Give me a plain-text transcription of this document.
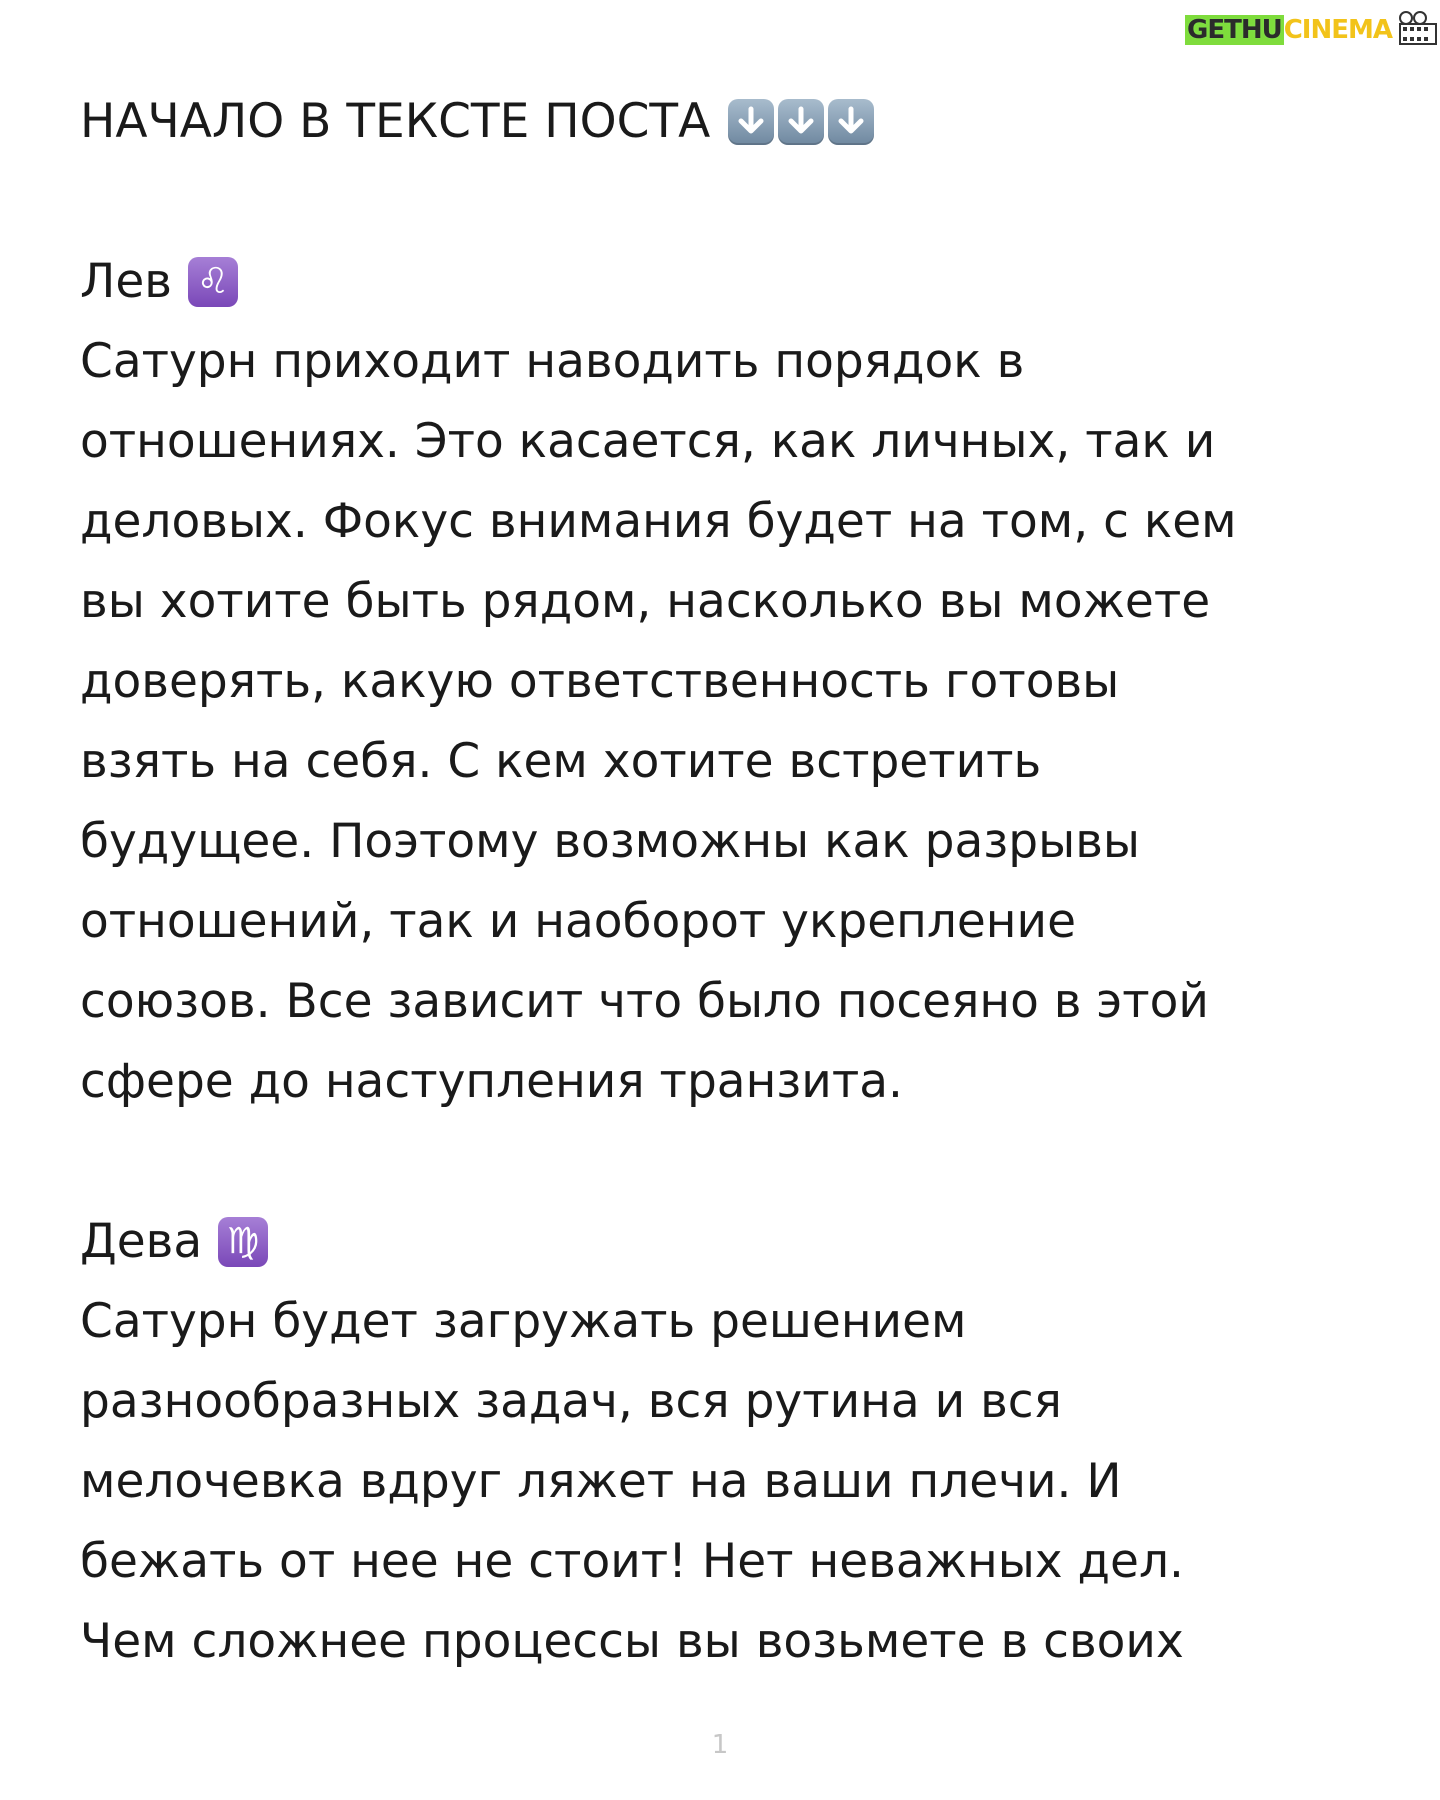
GETHU CINEMA
НАЧАЛО В ТЕКСТЕ ПОСТА
Лев ♌

Сатурн приходит наводить порядок в
отношениях. Это касается, как личных, так и
деловых. Фокус внимания будет на том, с кем
вы хотите быть рядом, насколько вы можете
доверять, какую ответственность готовы
взять на себя. С кем хотите встретить
будущее. Поэтому возможны как разрывы
отношений, так и наоборот укрепление
союзов. Все зависит что было посеяно в этой
сфере до наступления транзита.

Дева ♍

Сатурн будет загружать решением
разнообразных задач, вся рутина и вся
мелочевка вдруг ляжет на ваши плечи. И
бежать от нее не стоит! Нет неважных дел.
Чем сложнее процессы вы возьмете в своих

1
